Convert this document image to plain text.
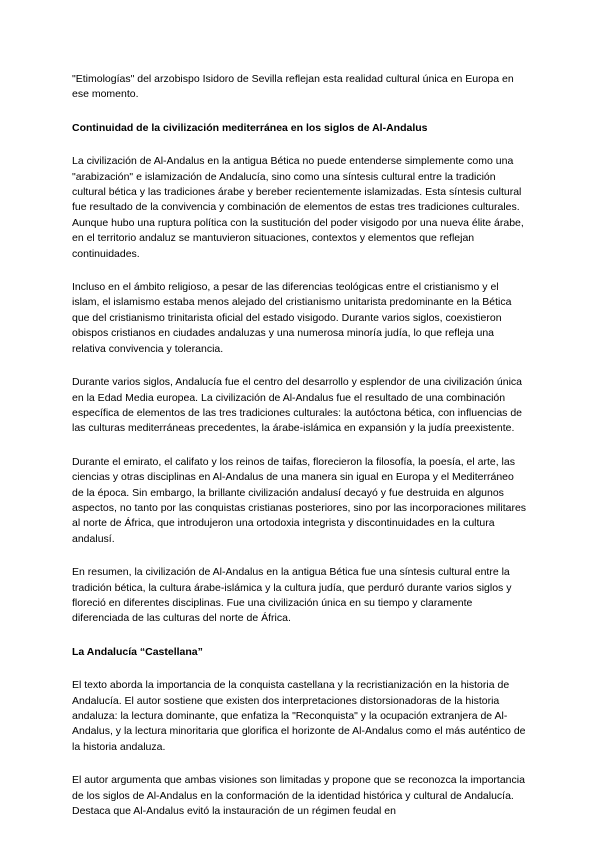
"Etimologías" del arzobispo Isidoro de Sevilla reflejan esta realidad cultural única en Europa en ese momento.

Continuidad de la civilización mediterránea en los siglos de Al-Andalus

La civilización de Al-Andalus en la antigua Bética no puede entenderse simplemente como una "arabización" e islamización de Andalucía, sino como una síntesis cultural entre la tradición cultural bética y las tradiciones árabe y bereber recientemente islamizadas. Esta síntesis cultural fue resultado de la convivencia y combinación de elementos de estas tres tradiciones culturales. Aunque hubo una ruptura política con la sustitución del poder visigodo por una nueva élite árabe, en el territorio andaluz se mantuvieron situaciones, contextos y elementos que reflejan continuidades.

Incluso en el ámbito religioso, a pesar de las diferencias teológicas entre el cristianismo y el islam, el islamismo estaba menos alejado del cristianismo unitarista predominante en la Bética que del cristianismo trinitarista oficial del estado visigodo. Durante varios siglos, coexistieron obispos cristianos en ciudades andaluzas y una numerosa minoría judía, lo que refleja una relativa convivencia y tolerancia.

Durante varios siglos, Andalucía fue el centro del desarrollo y esplendor de una civilización única en la Edad Media europea. La civilización de Al-Andalus fue el resultado de una combinación específica de elementos de las tres tradiciones culturales: la autóctona bética, con influencias de las culturas mediterráneas precedentes, la árabe-islámica en expansión y la judía preexistente.

Durante el emirato, el califato y los reinos de taifas, florecieron la filosofía, la poesía, el arte, las ciencias y otras disciplinas en Al-Andalus de una manera sin igual en Europa y el Mediterráneo de la época. Sin embargo, la brillante civilización andalusí decayó y fue destruida en algunos aspectos, no tanto por las conquistas cristianas posteriores, sino por las incorporaciones militares al norte de África, que introdujeron una ortodoxia integrista y discontinuidades en la cultura andalusí.

En resumen, la civilización de Al-Andalus en la antigua Bética fue una síntesis cultural entre la tradición bética, la cultura árabe-islámica y la cultura judía, que perduró durante varios siglos y floreció en diferentes disciplinas. Fue una civilización única en su tiempo y claramente diferenciada de las culturas del norte de África.

La Andalucía “Castellana”

El texto aborda la importancia de la conquista castellana y la recristianización en la historia de Andalucía. El autor sostiene que existen dos interpretaciones distorsionadoras de la historia andaluza: la lectura dominante, que enfatiza la "Reconquista" y la ocupación extranjera de Al-Andalus, y la lectura minoritaria que glorifica el horizonte de Al-Andalus como el más auténtico de la historia andaluza.

El autor argumenta que ambas visiones son limitadas y propone que se reconozca la importancia de los siglos de Al-Andalus en la conformación de la identidad histórica y cultural de Andalucía. Destaca que Al-Andalus evitó la instauración de un régimen feudal en
